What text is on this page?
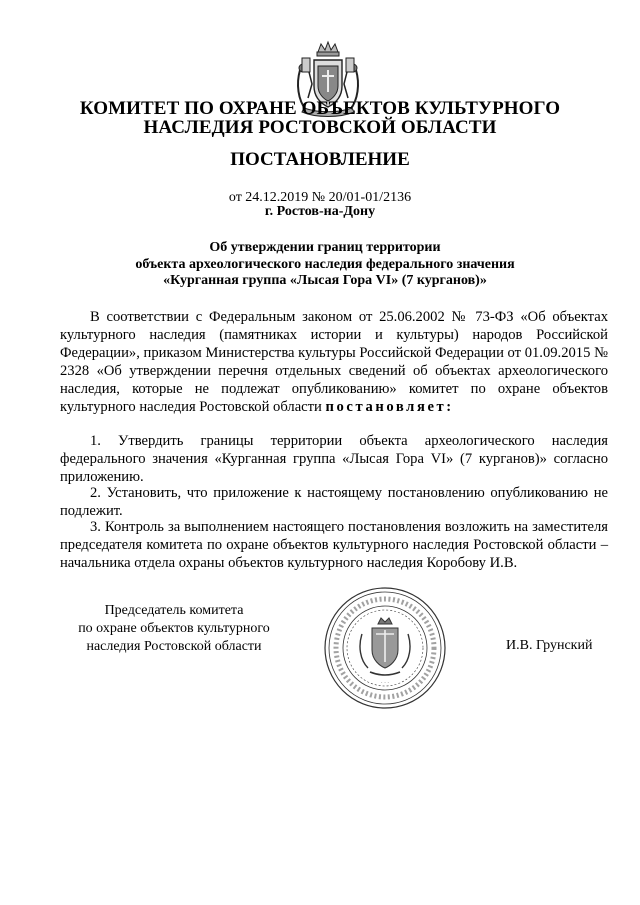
КОМИТЕТ ПО ОХРАНЕ ОБЪЕКТОВ КУЛЬТУРНОГО
НАСЛЕДИЯ РОСТОВСКОЙ ОБЛАСТИ
ПОСТАНОВЛЕНИЕ
от 24.12.2019 № 20/01-01/2136
г. Ростов-на-Дону
Об утверждении границ территории
объекта археологического наследия федерального значения
«Курганная группа «Лысая Гора VI» (7 курганов)»
В соответствии с Федеральным законом от 25.06.2002 № 73-ФЗ «Об объектах культурного наследия (памятниках истории и культуры) народов Российской Федерации», приказом Министерства культуры Российской Федерации от 01.09.2015 № 2328 «Об утверждении перечня отдельных сведений об объектах археологического наследия, которые не подлежат опубликованию» комитет по охране объектов культурного наследия Ростовской области постановляет:
1. Утвердить границы территории объекта археологического наследия федерального значения «Курганная группа «Лысая Гора VI» (7 курганов)» согласно приложению.
2. Установить, что приложение к настоящему постановлению опубликованию не подлежит.
3. Контроль за выполнением настоящего постановления возложить на заместителя председателя комитета по охране объектов культурного наследия Ростовской области – начальника отдела охраны объектов культурного наследия Коробову И.В.
Председатель комитета
по охране объектов культурного
наследия Ростовской области
· · ·
И.В. Грунский
